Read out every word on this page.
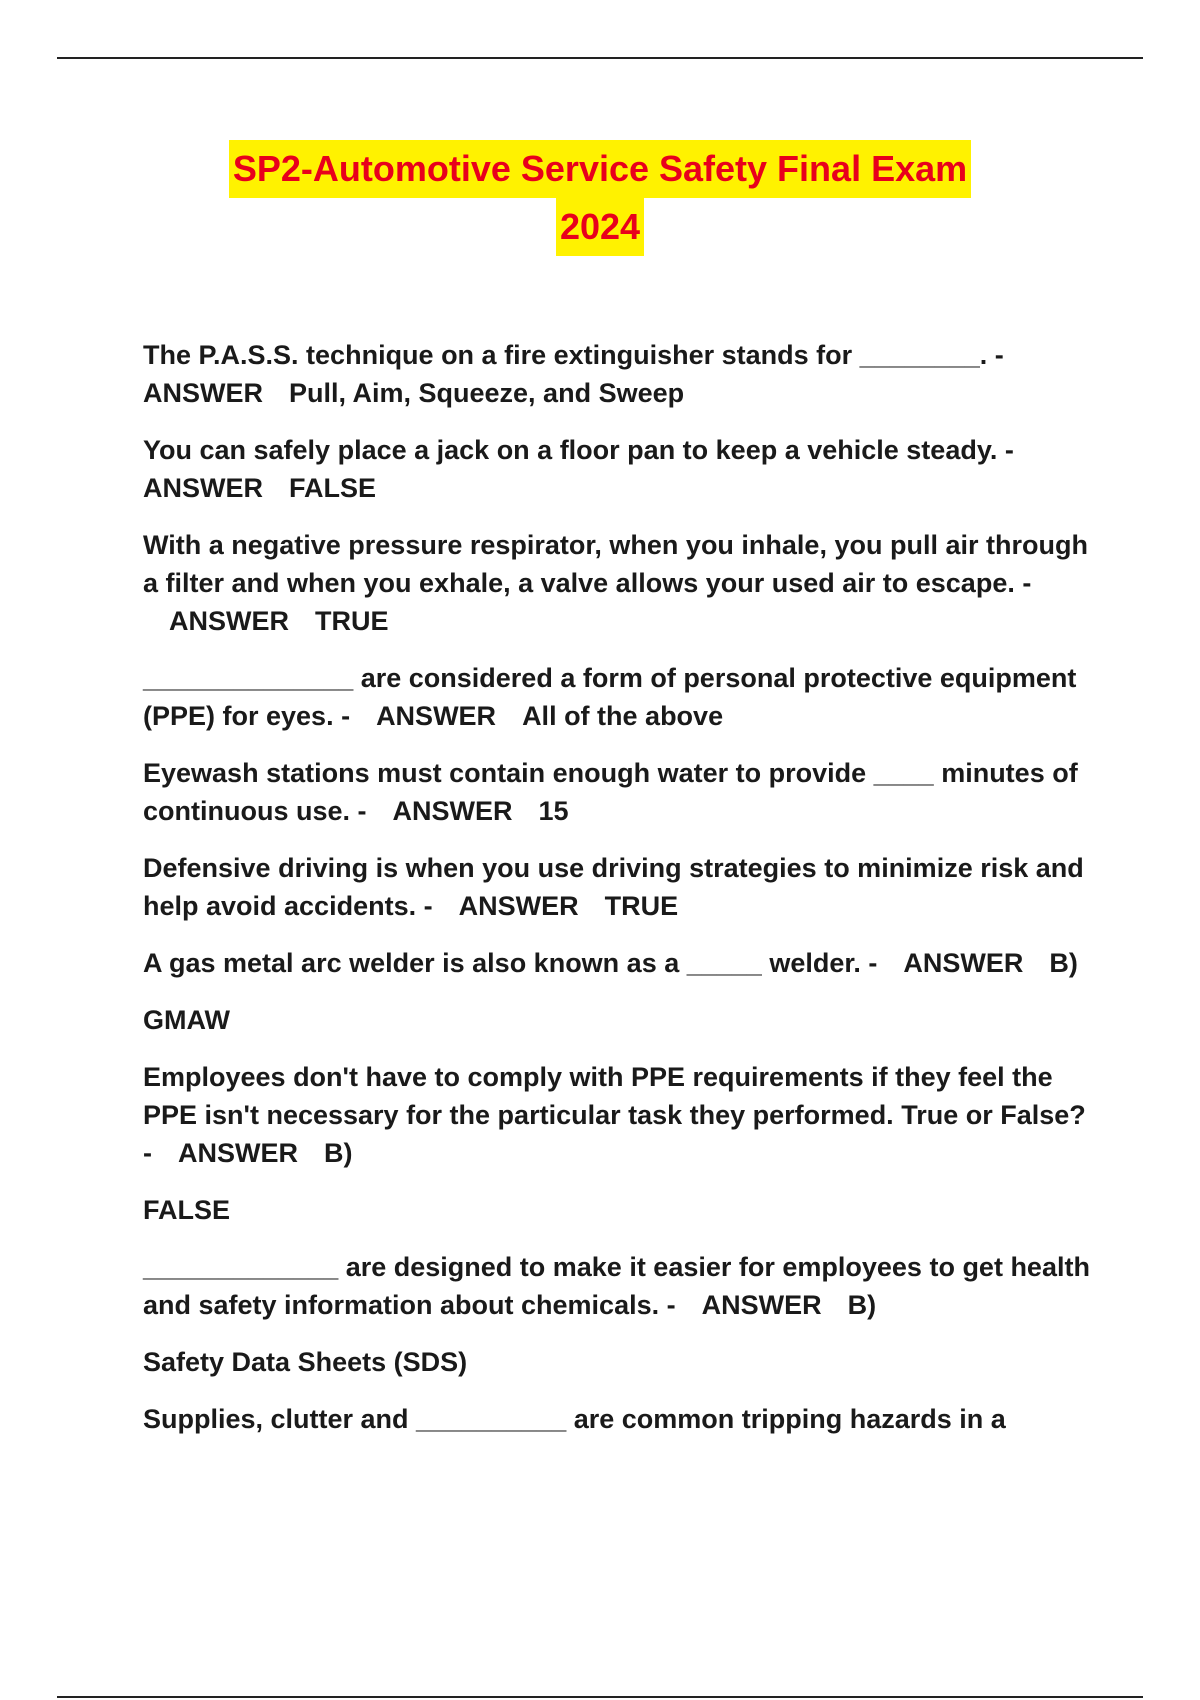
SP2-Automotive Service Safety Final Exam
2024

The P.A.S.S. technique on a fire extinguisher stands for ________. -
ANSWER Pull, Aim, Squeeze, and Sweep

You can safely place a jack on a floor pan to keep a vehicle steady. -
ANSWER FALSE

With a negative pressure respirator, when you inhale, you pull air through a filter and when you exhale, a valve allows your used air to escape. -ANSWER TRUE

______________ are considered a form of personal protective equipment (PPE) for eyes. - ANSWER All of the above

Eyewash stations must contain enough water to provide ____ minutes of continuous use. - ANSWER 15

Defensive driving is when you use driving strategies to minimize risk and help avoid accidents. - ANSWER TRUE

A gas metal arc welder is also known as a _____ welder. - ANSWER B)

GMAW

Employees don't have to comply with PPE requirements if they feel the PPE isn't necessary for the particular task they performed. True or False? - ANSWER B)

FALSE

_____________ are designed to make it easier for employees to get health and safety information about chemicals. - ANSWER B)

Safety Data Sheets (SDS)

Supplies, clutter and __________ are common tripping hazards in a
